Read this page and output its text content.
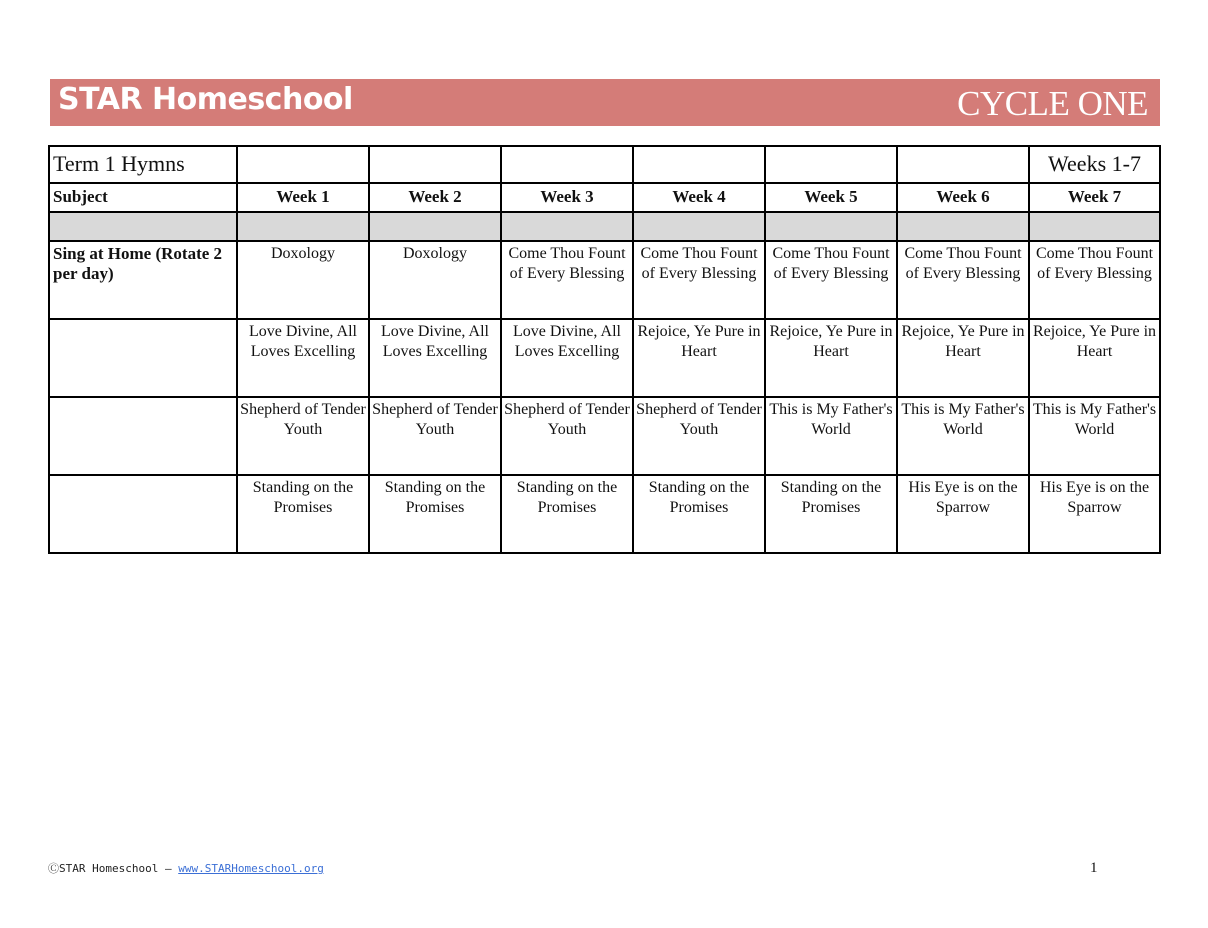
STAR Homeschool	CYCLE ONE
Term 1 Hymns							Weeks 1-7
Subject	Week 1	Week 2	Week 3	Week 4	Week 5	Week 6	Week 7

Sing at Home (Rotate 2 per day)	Doxology	Doxology	Come Thou Fount of Every Blessing	Come Thou Fount of Every Blessing	Come Thou Fount of Every Blessing	Come Thou Fount of Every Blessing	Come Thou Fount of Every Blessing
	Love Divine, All Loves Excelling	Love Divine, All Loves Excelling	Love Divine, All Loves Excelling	Rejoice, Ye Pure in Heart	Rejoice, Ye Pure in Heart	Rejoice, Ye Pure in Heart	Rejoice, Ye Pure in Heart
	Shepherd of Tender Youth	Shepherd of Tender Youth	Shepherd of Tender Youth	Shepherd of Tender Youth	This is My Father's World	This is My Father's World	This is My Father's World
	Standing on the Promises	Standing on the Promises	Standing on the Promises	Standing on the Promises	Standing on the Promises	His Eye is on the Sparrow	His Eye is on the Sparrow
ⒸSTAR Homeschool – www.STARHomeschool.org	1
